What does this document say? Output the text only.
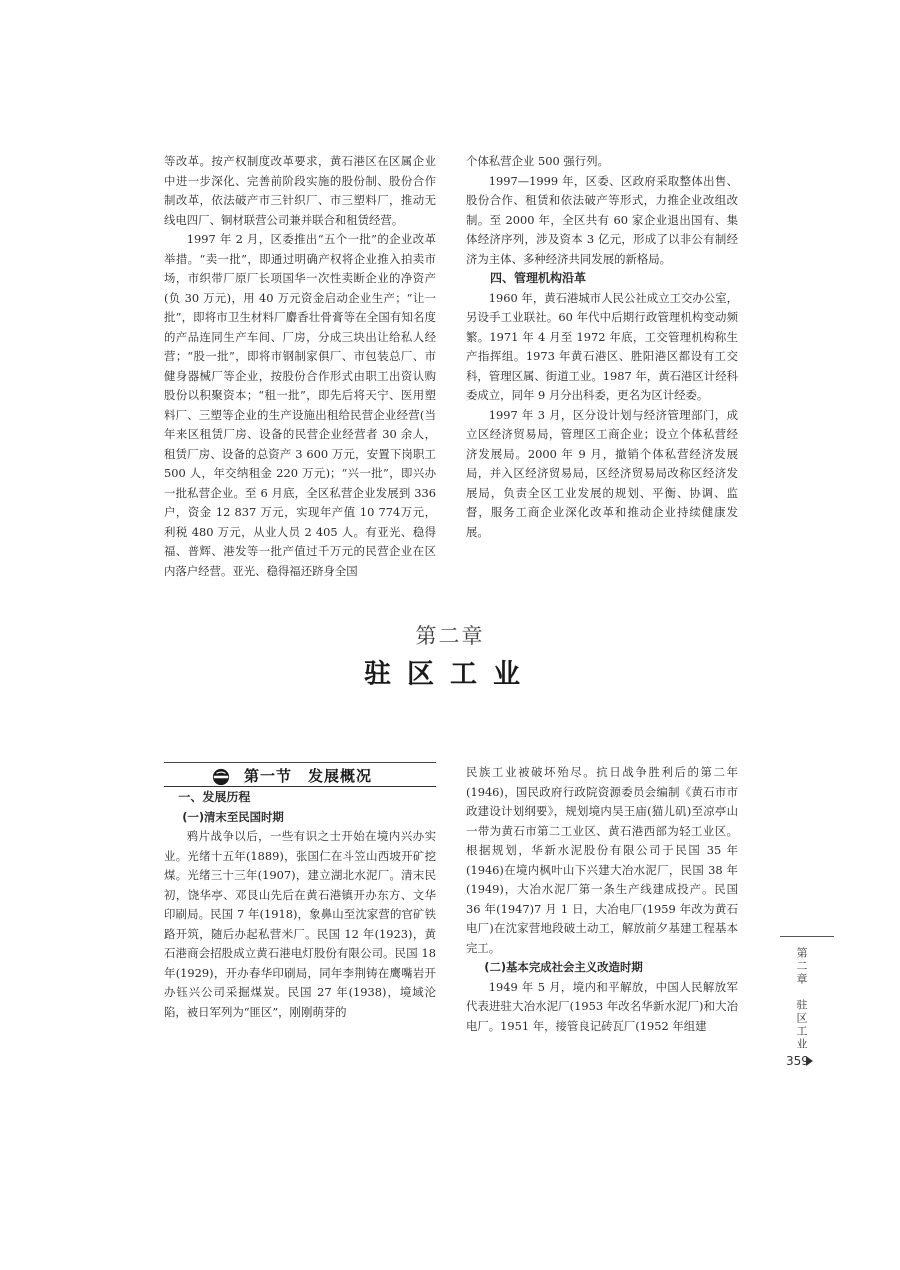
等改革。按产权制度改革要求，黄石港区在区属企业中进一步深化、完善前阶段实施的股份制、股份合作制改革，依法破产市三针织厂、市三塑料厂，推动无线电四厂、铜材联营公司兼并联合和租赁经营。

1997 年 2 月，区委推出“五个一批”的企业改革举措。“卖一批”，即通过明确产权将企业推入拍卖市场，市织带厂原厂长项国华一次性卖断企业的净资产(负 30 万元)，用 40 万元资金启动企业生产；“让一批”，即将市卫生材料厂麝香壮骨膏等在全国有知名度的产品连同生产车间、厂房，分成三块出让给私人经营；“股一批”，即将市钢制家俱厂、市包装总厂、市健身器械厂等企业，按股份合作形式由职工出资认购股份以积聚资本；“租一批”，即先后将天宁、医用塑料厂、三塑等企业的生产设施出租给民营企业经营(当年来区租赁厂房、设备的民营企业经营者 30 余人，租赁厂房、设备的总资产 3 600 万元，安置下岗职工 500 人，年交纳租金 220 万元)；“兴一批”，即兴办一批私营企业。至 6 月底，全区私营企业发展到 336 户，资金 12 837 万元，实现年产值 10 774万元，利税 480 万元，从业人员 2 405 人。有亚光、稳得福、普辉、港发等一批产值过千万元的民营企业在区内落户经营。亚光、稳得福还跻身全国

个体私营企业 500 强行列。

1997—1999 年，区委、区政府采取整体出售、股份合作、租赁和依法破产等形式，力推企业改组改制。至 2000 年，全区共有 60 家企业退出国有、集体经济序列，涉及资本 3 亿元，形成了以非公有制经济为主体、多种经济共同发展的新格局。

四、管理机构沿革

1960 年，黄石港城市人民公社成立工交办公室，另设手工业联社。60 年代中后期行政管理机构变动频繁。1971 年 4 月至 1972 年底，工交管理机构称生产指挥组。1973 年黄石港区、胜阳港区都设有工交科，管理区属、街道工业。1987 年，黄石港区计经科委成立，同年 9 月分出科委，更名为区计经委。

1997 年 3 月，区分设计划与经济管理部门，成立区经济贸易局，管理区工商企业；设立个体私营经济发展局。2000 年 9 月，撤销个体私营经济发展局，并入区经济贸易局，区经济贸易局改称区经济发展局，负责全区工业发展的规划、平衡、协调、监督，服务工商企业深化改革和推动企业持续健康发展。

第二章
驻区工业
第一节　发展概况

一、发展历程

(一)清末至民国时期

鸦片战争以后，一些有识之士开始在境内兴办实业。光绪十五年(1889)，张国仁在斗笠山西坡开矿挖煤。光绪三十三年(1907)，建立湖北水泥厂。清末民初，饶华亭、邓艮山先后在黄石港镇开办东方、文华印刷局。民国 7 年(1918)，象鼻山至沈家营的官矿铁路开筑，随后办起私营米厂。民国 12 年(1923)，黄石港商会招股成立黄石港电灯股份有限公司。民国 18 年(1929)，开办春华印刷局，同年李荆铸在鹰嘴岩开办钰兴公司采掘煤炭。民国 27 年(1938)，境域沦陷，被日军列为“匪区”，刚刚萌芽的

民族工业被破坏殆尽。抗日战争胜利后的第二年(1946)，国民政府行政院资源委员会编制《黄石市市政建设计划纲要》，规划境内吴王庙(猫儿矶)至凉亭山一带为黄石市第二工业区、黄石港西部为轻工业区。根据规划，华新水泥股份有限公司于民国 35 年(1946)在境内枫叶山下兴建大冶水泥厂，民国 38 年(1949)，大冶水泥厂第一条生产线建成投产。民国 36 年(1947)7 月 1 日，大冶电厂(1959 年改为黄石电厂)在沈家营地段破土动工，解放前夕基建工程基本完工。

(二)基本完成社会主义改造时期

1949 年 5 月，境内和平解放，中国人民解放军代表进驻大冶水泥厂(1953 年改名华新水泥厂)和大冶电厂。1951 年，接管良记砖瓦厂(1952 年组建	第二章　驻区工业
359
